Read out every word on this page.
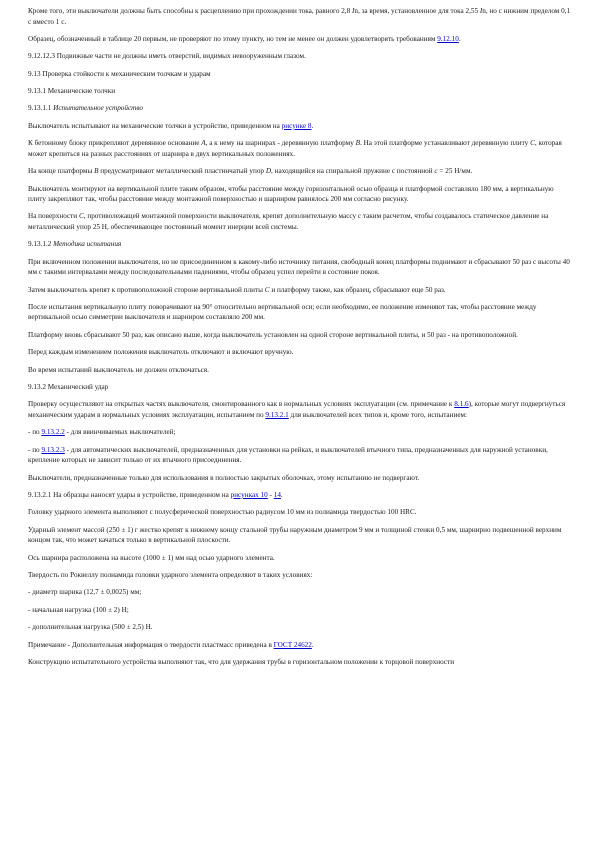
Кроме того, эти выключатели должны быть способны к расцеплению при прохождении тока, равного 2,8 In, за время, установленное для тока 2,55 In, но с нижним пределом 0,1 с вместо 1 с.

Образец, обозначенный в таблице 20 первым, не проверяют по этому пункту, но тем не менее он должен удовлетворять требованиям 9.12.10.

9.12.12.3 Подвижные части не должны иметь отверстий, видимых невооруженным глазом.

9.13 Проверка стойкости к механическим толчкам и ударам

9.13.1 Механические толчки

9.13.1.1 Испытательное устройство

Выключатель испытывают на механические толчки в устройстве, приведенном на рисунке 8.

К бетонному блоку прикрепляют деревянное основание А, а к нему на шарнирах - деревянную платформу В. На этой платформе устанавливают деревянную плиту С, которая может крепиться на разных расстояниях от шарнира в двух вертикальных положениях.

На конце платформы В предусматривают металлический пластинчатый упор D, находящийся на спиральной пружине с постоянной с = 25 Н/мм.

Выключатель монтируют на вертикальной плите таким образом, чтобы расстояние между горизонтальной осью образца и платформой составляло 180 мм, а вертикальную плиту закрепляют так, чтобы расстояние между монтажной поверхностью и шарниром равнялось 200 мм согласно рисунку.

На поверхности С, противолежащей монтажной поверхности выключателя, крепят дополнительную массу с таким расчетом, чтобы создавалось статическое давление на металлический упор 25 Н, обеспечивающее постоянный момент инерции всей системы.

9.13.1.2 Методика испытания

При включенном положении выключателя, но не присоединенном к какому-либо источнику питания, свободный конец платформы поднимают и сбрасывают 50 раз с высоты 40 мм с такими интервалами между последовательными падениями, чтобы образец успел перейти в состояние покоя.

Затем выключатель крепят к противоположной стороне вертикальной плиты С и платформу также, как образец, сбрасывают еще 50 раз.

После испытания вертикальную плиту поворачивают на 90° относительно вертикальной оси; если необходимо, ее положение изменяют так, чтобы расстояние между вертикальной осью симметрии выключателя и шарниром составляло 200 мм.

Платформу вновь сбрасывают 50 раз, как описано выше, когда выключатель установлен на одной стороне вертикальной плиты, и 50 раз - на противоположной.

Перед каждым изменением положения выключатель отключают и включают вручную.

Во время испытаний выключатель не должен отключаться.

9.13.2 Механический удар

Проверку осуществляют на открытых частях выключателя, смонтированного как в нормальных условиях эксплуатации (см. примечание к 8.1.6), которые могут подвергнуться механическим ударам в нормальных условиях эксплуатации, испытанием по 9.13.2.1 для выключателей всех типов и, кроме того, испытанием:

- по 9.13.2.2 - для ввинчиваемых выключателей;

- по 9.13.2.3 - для автоматических выключателей, предназначенных для установки на рейках, и выключателей втычного типа, предназначенных для наружной установки, крепление которых не зависит только от их втычного присоединения.

Выключатели, предназначенные только для использования в полностью закрытых оболочках, этому испытанию не подвергают.

9.13.2.1 На образцы наносят удары в устройстве, приведенном на рисунках 10 - 14.

Головку ударного элемента выполняют с полусферической поверхностью радиусом 10 мм из полиамида твердостью 100 HRC.

Ударный элемент массой (250 ± 1) г жестко крепят к нижнему концу стальной трубы наружным диаметром 9 мм и толщиной стенки 0,5 мм, шарнирно подвешенной верхним концом так, что может качаться только в вертикальной плоскости.

Ось шарнира расположена на высоте (1000 ± 1) мм над осью ударного элемента.

Твердость по Роквеллу полиамида головки ударного элемента определяют в таких условиях:

- диаметр шарика (12,7 ± 0,0025) мм;

- начальная нагрузка (100 ± 2) Н;

- дополнительная нагрузка (500 ± 2,5) Н.

Примечание - Дополнительная информация о твердости пластмасс приведена в ГОСТ 24622.

Конструкцию испытательного устройства выполняют так, что для удержания трубы в горизонтальном положении к торцовой поверхности
